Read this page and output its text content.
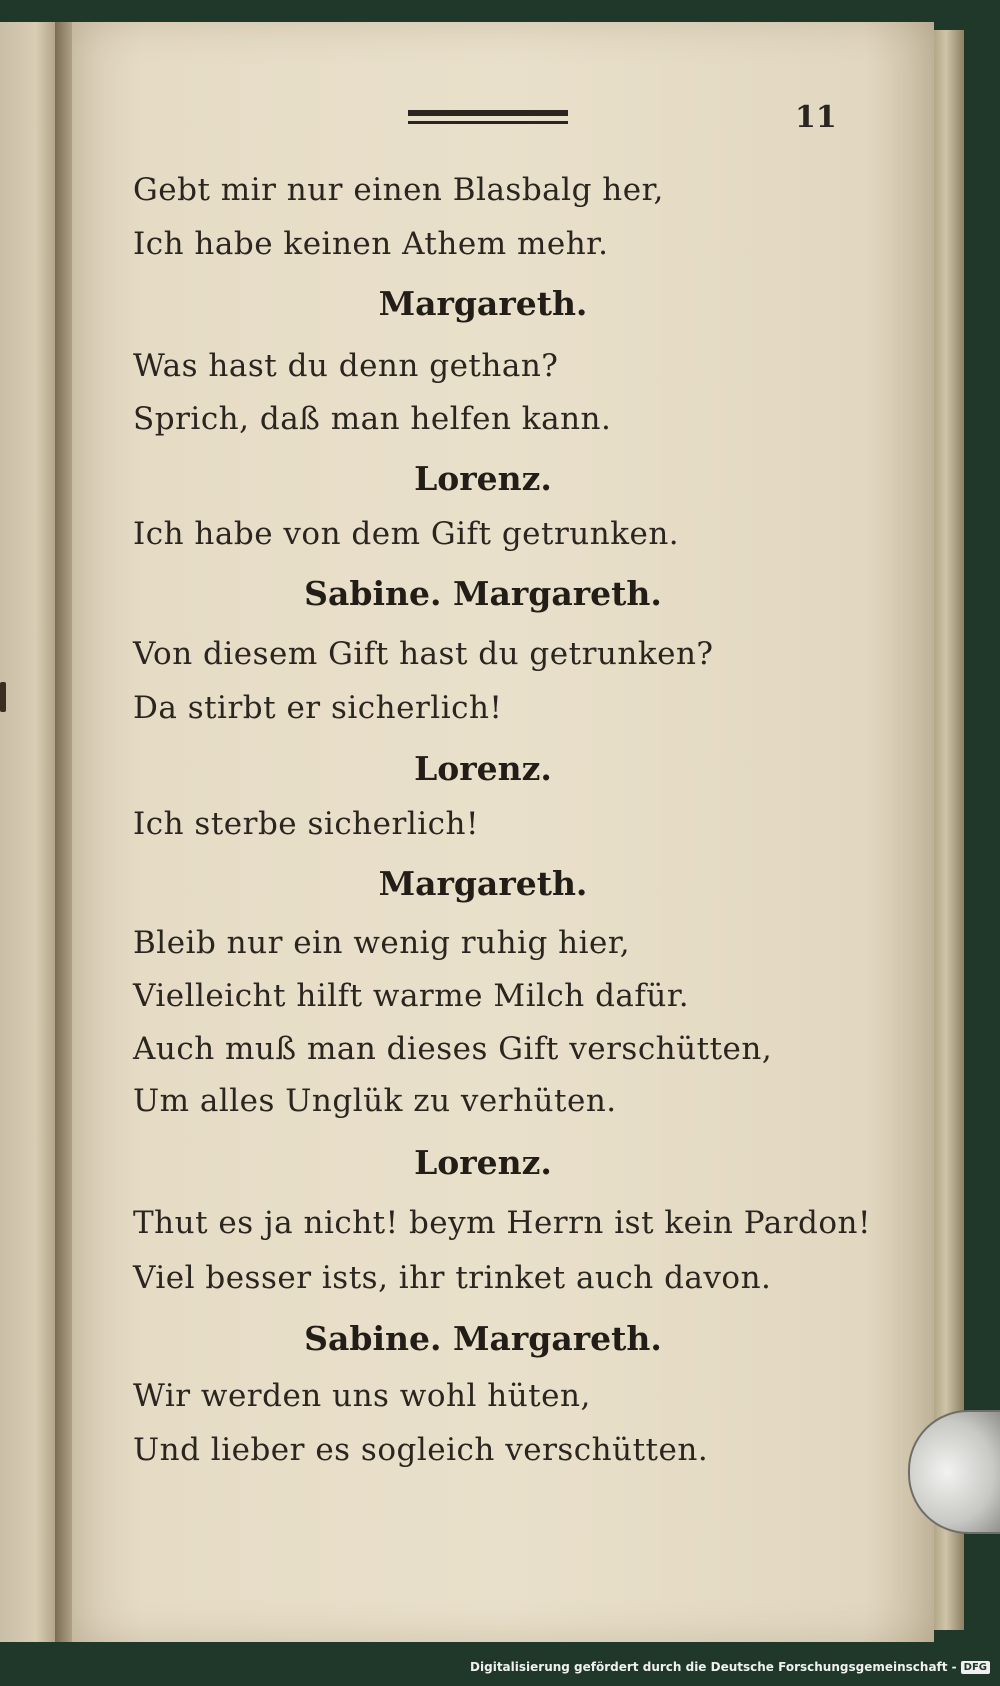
11
Gebt mir nur einen Blasbalg her,
Ich habe keinen Athem mehr.
Margareth.
Was hast du denn gethan?
Sprich, daß man helfen kann.
Lorenz.
Ich habe von dem Gift getrunken.
Sabine. Margareth.
Von diesem Gift hast du getrunken?
Da stirbt er sicherlich!
Lorenz.
Ich sterbe sicherlich!
Margareth.
Bleib nur ein wenig ruhig hier,
Vielleicht hilft warme Milch dafür.
Auch muß man dieses Gift verschütten,
Um alles Unglük zu verhüten.
Lorenz.
Thut es ja nicht! beym Herrn ist kein Pardon!
Viel besser ists, ihr trinket auch davon.
Sabine. Margareth.
Wir werden uns wohl hüten,
Und lieber es sogleich verschütten.
Digitalisierung gefördert durch die Deutsche Forschungsgemeinschaft - DFG
